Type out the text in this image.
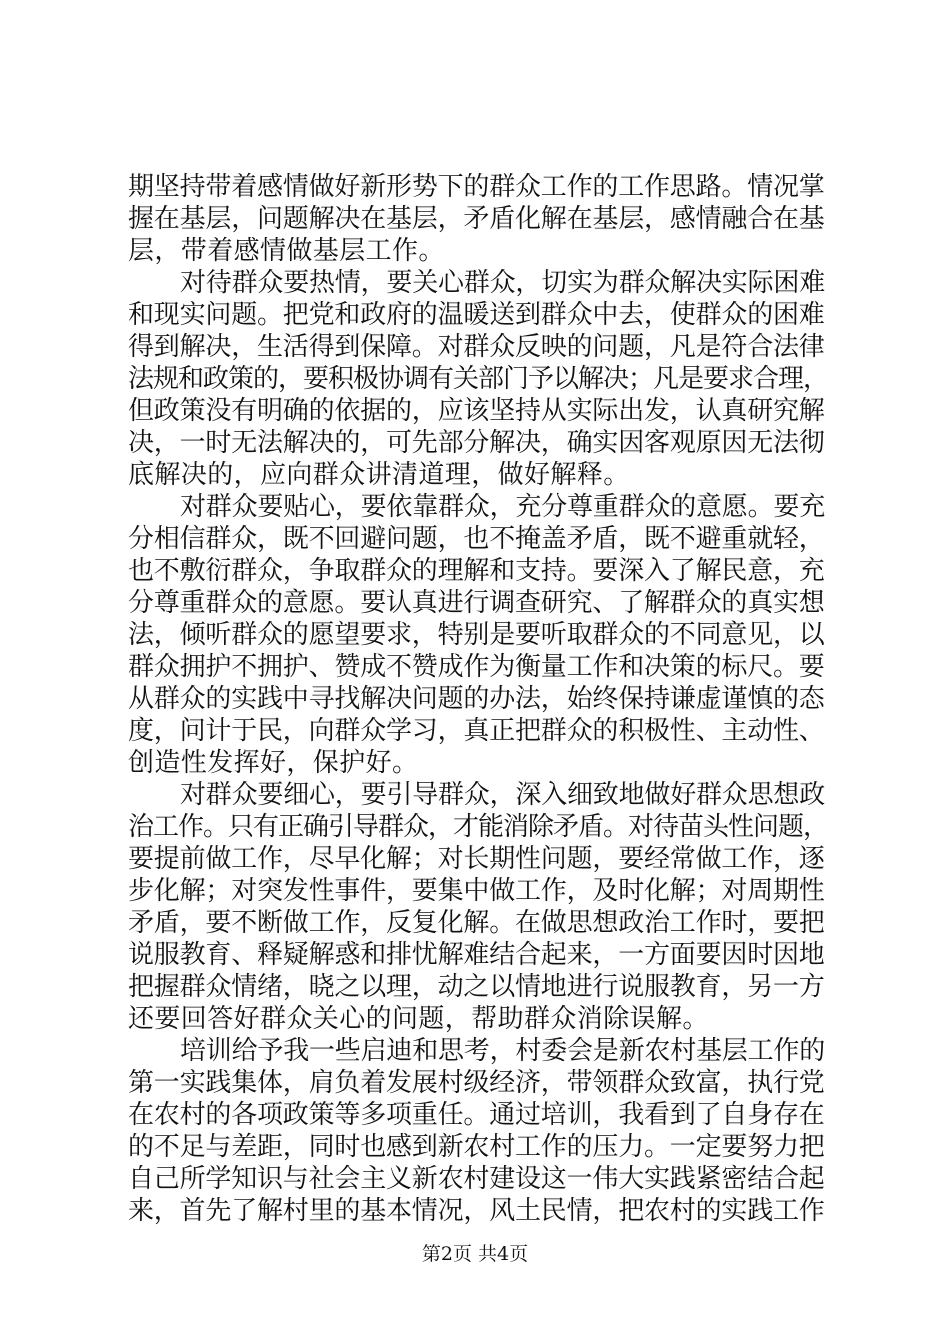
期坚持带着感情做好新形势下的群众工作的工作思路。情况掌
握在基层，问题解决在基层，矛盾化解在基层，感情融合在基
层，带着感情做基层工作。
对待群众要热情，要关心群众，切实为群众解决实际困难
和现实问题。把党和政府的温暖送到群众中去，使群众的困难
得到解决，生活得到保障。对群众反映的问题，凡是符合法律
法规和政策的，要积极协调有关部门予以解决；凡是要求合理，
但政策没有明确的依据的，应该坚持从实际出发，认真研究解
决，一时无法解决的，可先部分解决，确实因客观原因无法彻
底解决的，应向群众讲清道理，做好解释。
对群众要贴心，要依靠群众，充分尊重群众的意愿。要充
分相信群众，既不回避问题，也不掩盖矛盾，既不避重就轻，
也不敷衍群众，争取群众的理解和支持。要深入了解民意，充
分尊重群众的意愿。要认真进行调查研究、了解群众的真实想
法，倾听群众的愿望要求，特别是要听取群众的不同意见，以
群众拥护不拥护、赞成不赞成作为衡量工作和决策的标尺。要
从群众的实践中寻找解决问题的办法，始终保持谦虚谨慎的态
度，问计于民，向群众学习，真正把群众的积极性、主动性、
创造性发挥好，保护好。
对群众要细心，要引导群众，深入细致地做好群众思想政
治工作。只有正确引导群众，才能消除矛盾。对待苗头性问题，
要提前做工作，尽早化解；对长期性问题，要经常做工作，逐
步化解；对突发性事件，要集中做工作，及时化解；对周期性
矛盾，要不断做工作，反复化解。在做思想政治工作时，要把
说服教育、释疑解惑和排忧解难结合起来，一方面要因时因地
把握群众情绪，晓之以理，动之以情地进行说服教育，另一方
还要回答好群众关心的问题，帮助群众消除误解。
培训给予我一些启迪和思考，村委会是新农村基层工作的
第一实践集体，肩负着发展村级经济，带领群众致富，执行党
在农村的各项政策等多项重任。通过培训，我看到了自身存在
的不足与差距，同时也感到新农村工作的压力。一定要努力把
自己所学知识与社会主义新农村建设这一伟大实践紧密结合起
来，首先了解村里的基本情况，风土民情，把农村的实践工作
第2页 共4页
